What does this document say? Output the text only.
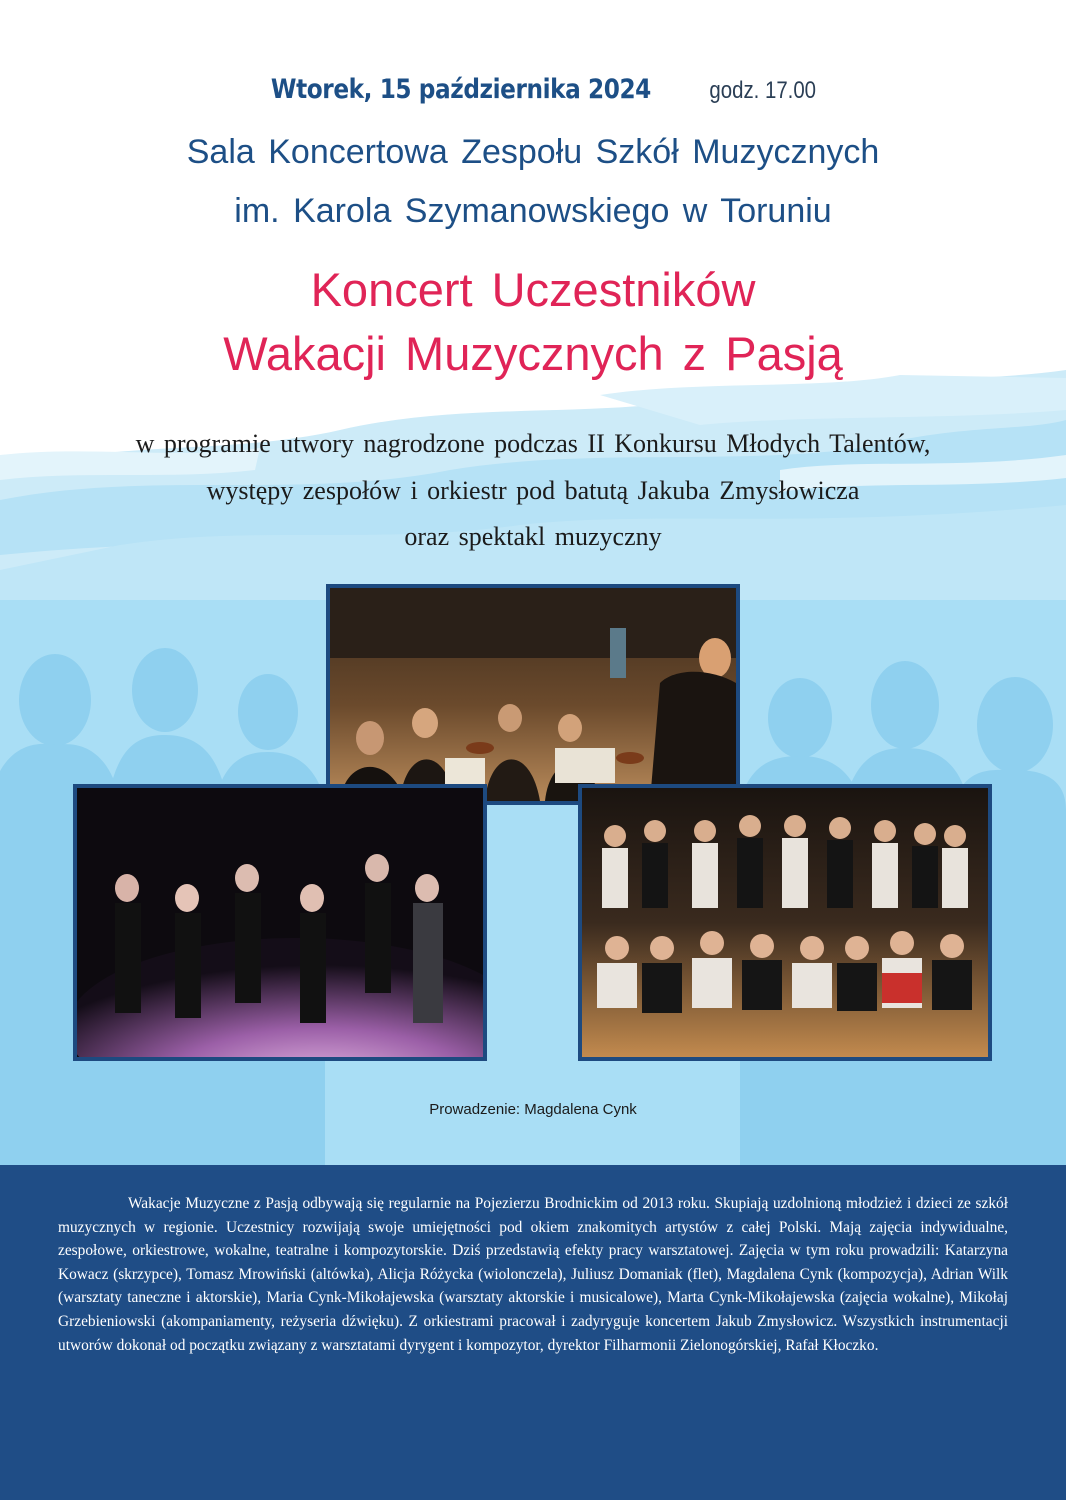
Wtorek, 15 października 2024 godz. 17.00
Sala Koncertowa Zespołu Szkół Muzycznych
im. Karola Szymanowskiego w Toruniu
Koncert Uczestników
Wakacji Muzycznych z Pasją
w programie utwory nagrodzone podczas II Konkursu Młodych Talentów,
występy zespołów i orkiestr pod batutą Jakuba Zmysłowicza
oraz spektakl muzyczny
Prowadzenie: Magdalena Cynk
Wakacje Muzyczne z Pasją odbywają się regularnie na Pojezierzu Brodnickim od 2013 roku. Skupiają uzdolnioną młodzież i dzieci ze szkół muzycznych w regionie. Uczestnicy rozwijają swoje umiejętności pod okiem znakomitych artystów z całej Polski. Mają zajęcia indywidualne, zespołowe, orkiestrowe, wokalne, teatralne i kompozytorskie. Dziś przedstawią efekty pracy warsztatowej. Zajęcia w tym roku prowadzili: Katarzyna Kowacz (skrzypce), Tomasz Mrowiński (altówka), Alicja Różycka (wiolonczela), Juliusz Domaniak (flet), Magdalena Cynk (kompozycja), Adrian Wilk (warsztaty taneczne i aktorskie), Maria Cynk-Mikołajewska (warsztaty aktorskie i musicalowe), Marta Cynk-Mikołajewska (zajęcia wokalne), Mikołaj Grzebieniowski (akompaniamenty, reżyseria dźwięku). Z orkiestrami pracował i zadyryguje koncertem Jakub Zmysłowicz. Wszystkich instrumentacji utworów dokonał od początku związany z warsztatami dyrygent i kompozytor, dyrektor Filharmonii Zielonogórskiej, Rafał Kłoczko.
